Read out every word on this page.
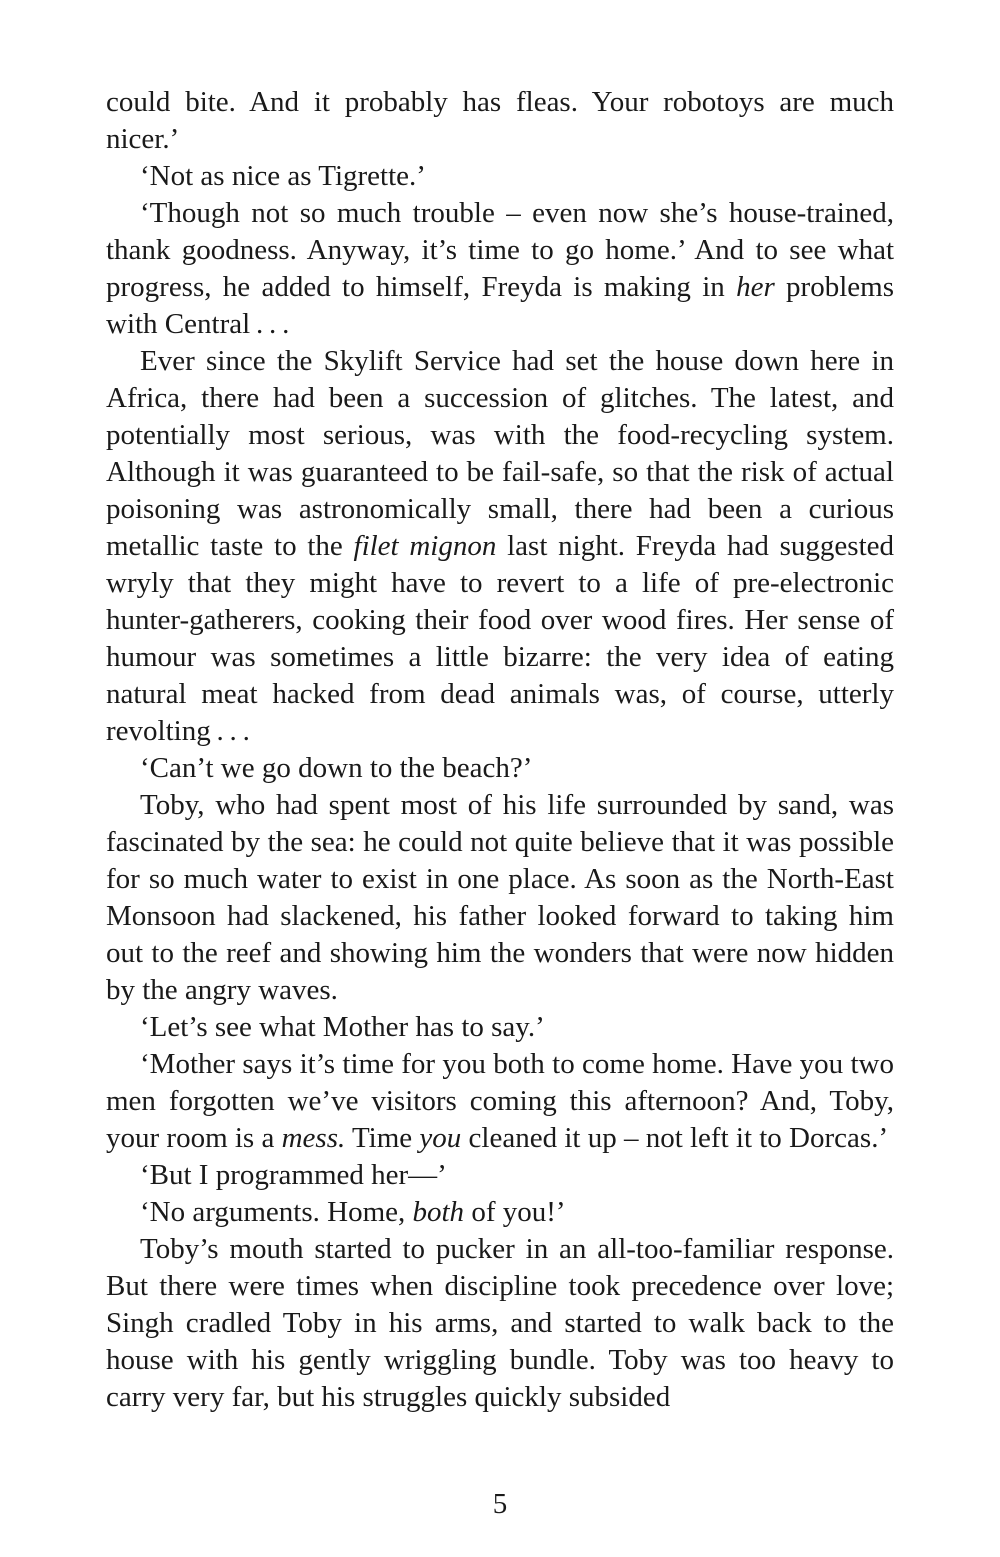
could bite. And it probably has fleas. Your robotoys are much nicer.’

‘Not as nice as Tigrette.’

‘Though not so much trouble – even now she’s house-trained, thank goodness. Anyway, it’s time to go home.’ And to see what progress, he added to himself, Freyda is making in her problems with Central . . .

Ever since the Skylift Service had set the house down here in Africa, there had been a succession of glitches. The latest, and potentially most serious, was with the food-recycling system. Although it was guaranteed to be fail-safe, so that the risk of actual poisoning was astronomically small, there had been a curious metallic taste to the filet mignon last night. Freyda had suggested wryly that they might have to revert to a life of pre-electronic hunter-gatherers, cooking their food over wood fires. Her sense of humour was sometimes a little bizarre: the very idea of eating natural meat hacked from dead animals was, of course, utterly revolting . . .

‘Can’t we go down to the beach?’

Toby, who had spent most of his life surrounded by sand, was fascinated by the sea: he could not quite believe that it was possible for so much water to exist in one place. As soon as the North-East Monsoon had slackened, his father looked forward to taking him out to the reef and showing him the wonders that were now hidden by the angry waves.

‘Let’s see what Mother has to say.’

‘Mother says it’s time for you both to come home. Have you two men forgotten we’ve visitors coming this afternoon? And, Toby, your room is a mess. Time you cleaned it up – not left it to Dorcas.’

‘But I programmed her—’

‘No arguments. Home, both of you!’

Toby’s mouth started to pucker in an all-too-familiar response. But there were times when discipline took precedence over love; Singh cradled Toby in his arms, and started to walk back to the house with his gently wriggling bundle. Toby was too heavy to carry very far, but his struggles quickly subsided

5
